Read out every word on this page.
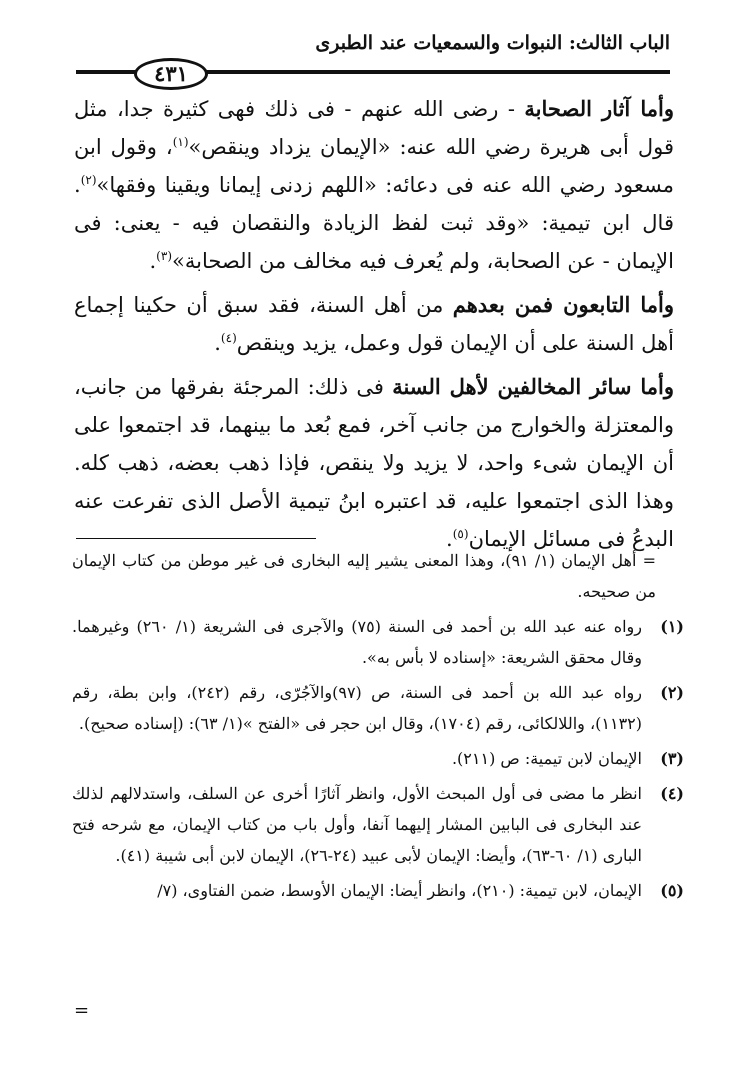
الباب الثالث: النبوات والسمعيات عند الطبرى
٤٣١

وأما آثار الصحابة - رضى الله عنهم - فى ذلك فهى كثيرة جدا، مثل قول أبى هريرة رضي الله عنه: «الإيمان يزداد وينقص»$^{(١)}$، وقول ابن مسعود رضي الله عنه فى دعائه: «اللهم زدنى إيمانا ويقينا وفقها»$^{(٢)}$. قال ابن تيمية: «وقد ثبت لفظ الزيادة والنقصان فيه - يعنى: فى الإيمان - عن الصحابة، ولم يُعرف فيه مخالف من الصحابة»$^{(٣)}$.

وأما التابعون فمن بعدهم من أهل السنة، فقد سبق أن حكينا إجماع أهل السنة على أن الإيمان قول وعمل، يزيد وينقص$^{(٤)}$.

وأما سائر المخالفين لأهل السنة فى ذلك: المرجئة بفرقها من جانب، والمعتزلة والخوارج من جانب آخر، فمع بُعد ما بينهما، قد اجتمعوا على أن الإيمان شىء واحد، لا يزيد ولا ينقص، فإذا ذهب بعضه، ذهب كله. وهذا الذى اجتمعوا عليه، قد اعتبره ابنُ تيمية الأصل الذى تفرعت عنه البدعُ فى مسائل الإيمان$^{(٥)}$.

= أهل الإيمان (١/ ٩١)، وهذا المعنى يشير إليه البخارى فى غير موطن من كتاب الإيمان من صحيحه.

(١)
رواه عنه عبد الله بن أحمد فى السنة (٧٥) والآجرى فى الشريعة (١/ ٢٦٠) وغيرهما. وقال محقق الشريعة: «إسناده لا بأس به».

(٢)
رواه عبد الله بن أحمد فى السنة، ص (٩٧)والآجُرّى، رقم (٢٤٢)، وابن بطة، رقم (١١٣٢)، واللالكائى، رقم (١٧٠٤)، وقال ابن حجر فى «الفتح »(١/ ٦٣): (إسناده صحيح).

(٣)
الإيمان لابن تيمية: ص (٢١١).

(٤)
انظر ما مضى فى أول المبحث الأول، وانظر آثارًا أخرى عن السلف، واستدلالهم لذلك عند البخارى فى البابين المشار إليهما آنفا، وأول باب من كتاب الإيمان، مع شرحه فتح البارى (١/ ٦٠-٦٣)، وأيضا: الإيمان لأبى عبيد (٢٤-٢٦)، الإيمان لابن أبى شيبة (٤١).

(٥)
الإيمان، لابن تيمية: (٢١٠)، وانظر أيضا: الإيمان الأوسط، ضمن الفتاوى، (٧/

=
